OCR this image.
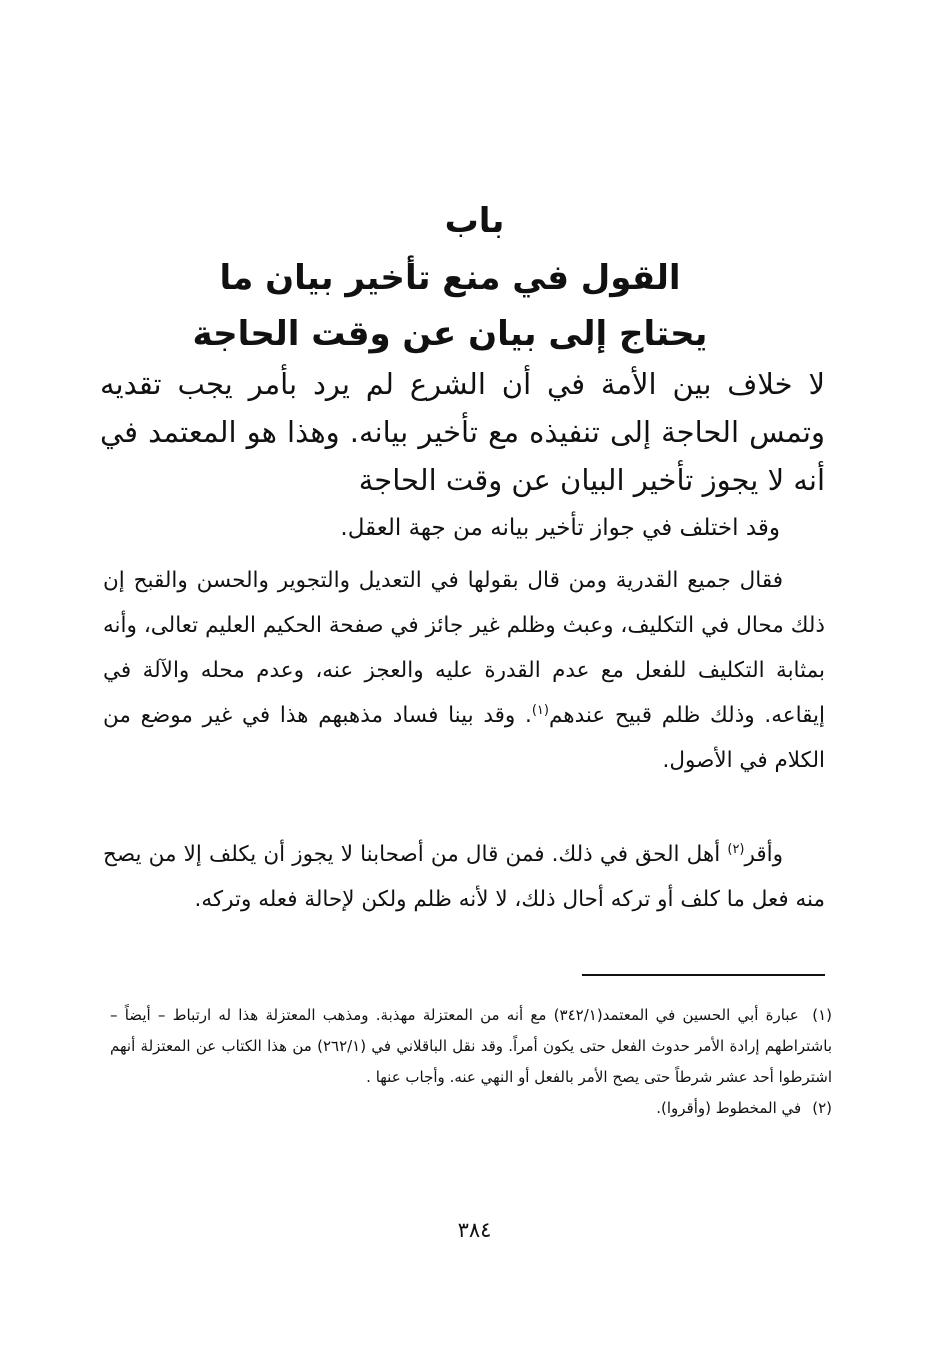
باب
القول في منع تأخير بيان ما يحتاج إلى بيان عن وقت الحاجة

لا خلاف بين الأمة في أن الشرع لم يرد بأمر يجب تقديه وتمس الحاجة إلى تنفيذه مع تأخير بيانه. وهذا هو المعتمد في أنه لا يجوز تأخير البيان عن وقت الحاجة

وقد اختلف في جواز تأخير بيانه من جهة العقل.

فقال جميع القدرية ومن قال بقولها في التعديل والتجوير والحسن والقبح إن ذلك محال في التكليف، وعبث وظلم غير جائز في صفحة الحكيم العليم تعالى، وأنه بمثابة التكليف للفعل مع عدم القدرة عليه والعجز عنه، وعدم محله والآلة في إيقاعه. وذلك ظلم قبيح عندهم$^{(١)}$. وقد بينا فساد مذهبهم هذا في غير موضع من الكلام في الأصول.

وأقر$^{(٢)}$ أهل الحق في ذلك. فمن قال من أصحابنا لا يجوز أن يكلف إلا من يصح منه فعل ما كلف أو تركه أحال ذلك، لا لأنه ظلم ولكن لإحالة فعله وتركه.

(١) عبارة أبي الحسين في المعتمد(٣٤٢/١) مع أنه من المعتزلة مهذبة. ومذهب المعتزلة هذا له ارتباط – أيضاً – باشتراطهم إرادة الأمر حدوث الفعل حتى يكون أمراً. وقد نقل الباقلاني في (٢٦٢/١) من هذا الكتاب عن المعتزلة أنهم اشترطوا أحد عشر شرطاً حتى يصح الأمر بالفعل أو النهي عنه. وأجاب عنها .
(٢) في المخطوط (وأقروا).
٣٨٤
